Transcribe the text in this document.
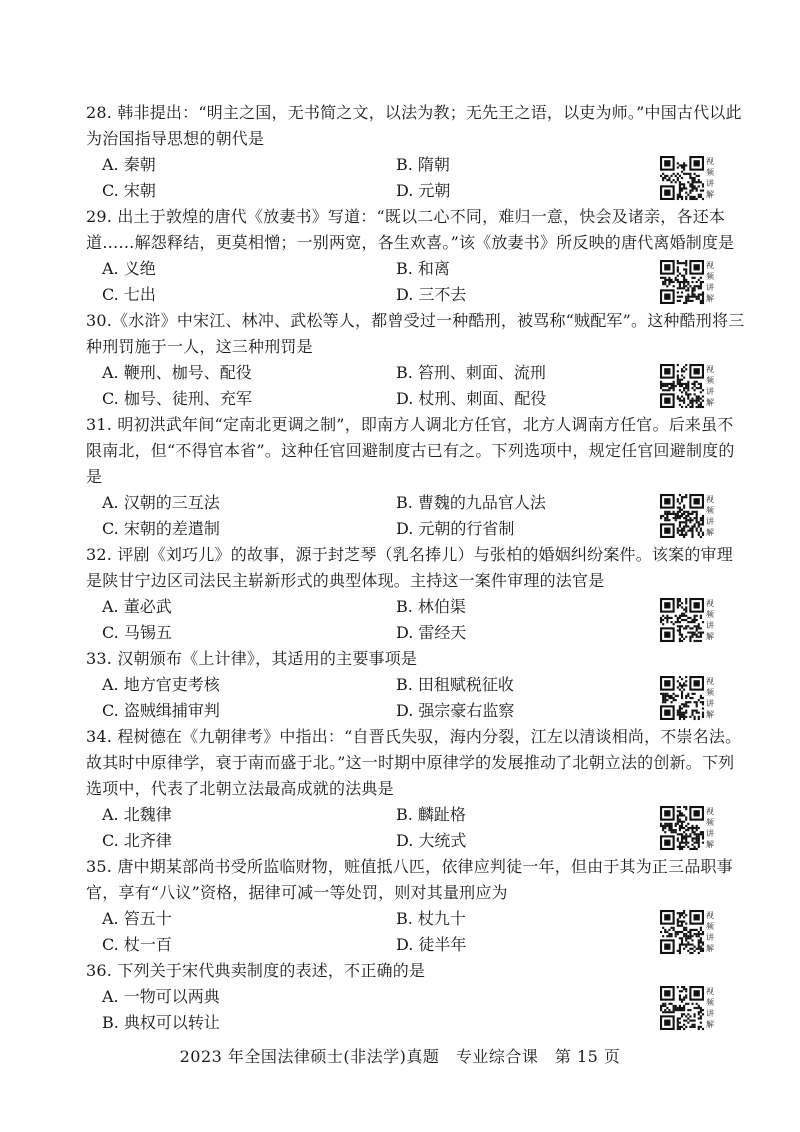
28. 韩非提出：“明主之国，无书简之文，以法为教；无先王之语，以吏为师。”中国古代以此为治国指导思想的朝代是

A. 秦朝	B. 隋朝
C. 宋朝	D. 元朝
视频讲解

29. 出土于敦煌的唐代《放妻书》写道：“既以二心不同，难归一意，快会及诸亲，各还本道……解怨释结，更莫相憎；一别两宽，各生欢喜。”该《放妻书》所反映的唐代离婚制度是

A. 义绝	B. 和离
C. 七出	D. 三不去
视频讲解

30.《水浒》中宋江、林冲、武松等人，都曾受过一种酷刑，被骂称“贼配军”。这种酷刑将三种刑罚施于一人，这三种刑罚是

A. 鞭刑、枷号、配役	B. 笞刑、刺面、流刑
C. 枷号、徒刑、充军	D. 杖刑、刺面、配役
视频讲解

31. 明初洪武年间“定南北更调之制”，即南方人调北方任官，北方人调南方任官。后来虽不限南北，但“不得官本省”。这种任官回避制度古已有之。下列选项中，规定任官回避制度的是

A. 汉朝的三互法	B. 曹魏的九品官人法
C. 宋朝的差遣制	D. 元朝的行省制
视频讲解

32. 评剧《刘巧儿》的故事，源于封芝琴（乳名捧儿）与张柏的婚姻纠纷案件。该案的审理是陕甘宁边区司法民主崭新形式的典型体现。主持这一案件审理的法官是

A. 董必武	B. 林伯渠
C. 马锡五	D. 雷经天
视频讲解

33. 汉朝颁布《上计律》，其适用的主要事项是

A. 地方官吏考核	B. 田租赋税征收
C. 盗贼缉捕审判	D. 强宗豪右监察
视频讲解

34. 程树德在《九朝律考》中指出：“自晋氏失驭，海内分裂，江左以清谈相尚，不崇名法。故其时中原律学，衰于南而盛于北。”这一时期中原律学的发展推动了北朝立法的创新。下列选项中，代表了北朝立法最高成就的法典是

A. 北魏律	B. 麟趾格
C. 北齐律	D. 大统式
视频讲解

35. 唐中期某部尚书受所监临财物，赃值抵八匹，依律应判徒一年，但由于其为正三品职事官，享有“八议”资格，据律可减一等处罚，则对其量刑应为

A. 笞五十	B. 杖九十
C. 杖一百	D. 徒半年
视频讲解

36. 下列关于宋代典卖制度的表述，不正确的是

A. 一物可以两典
B. 典权可以转让
视频讲解
2023 年全国法律硕士(非法学)真题　专业综合课　第 15 页
